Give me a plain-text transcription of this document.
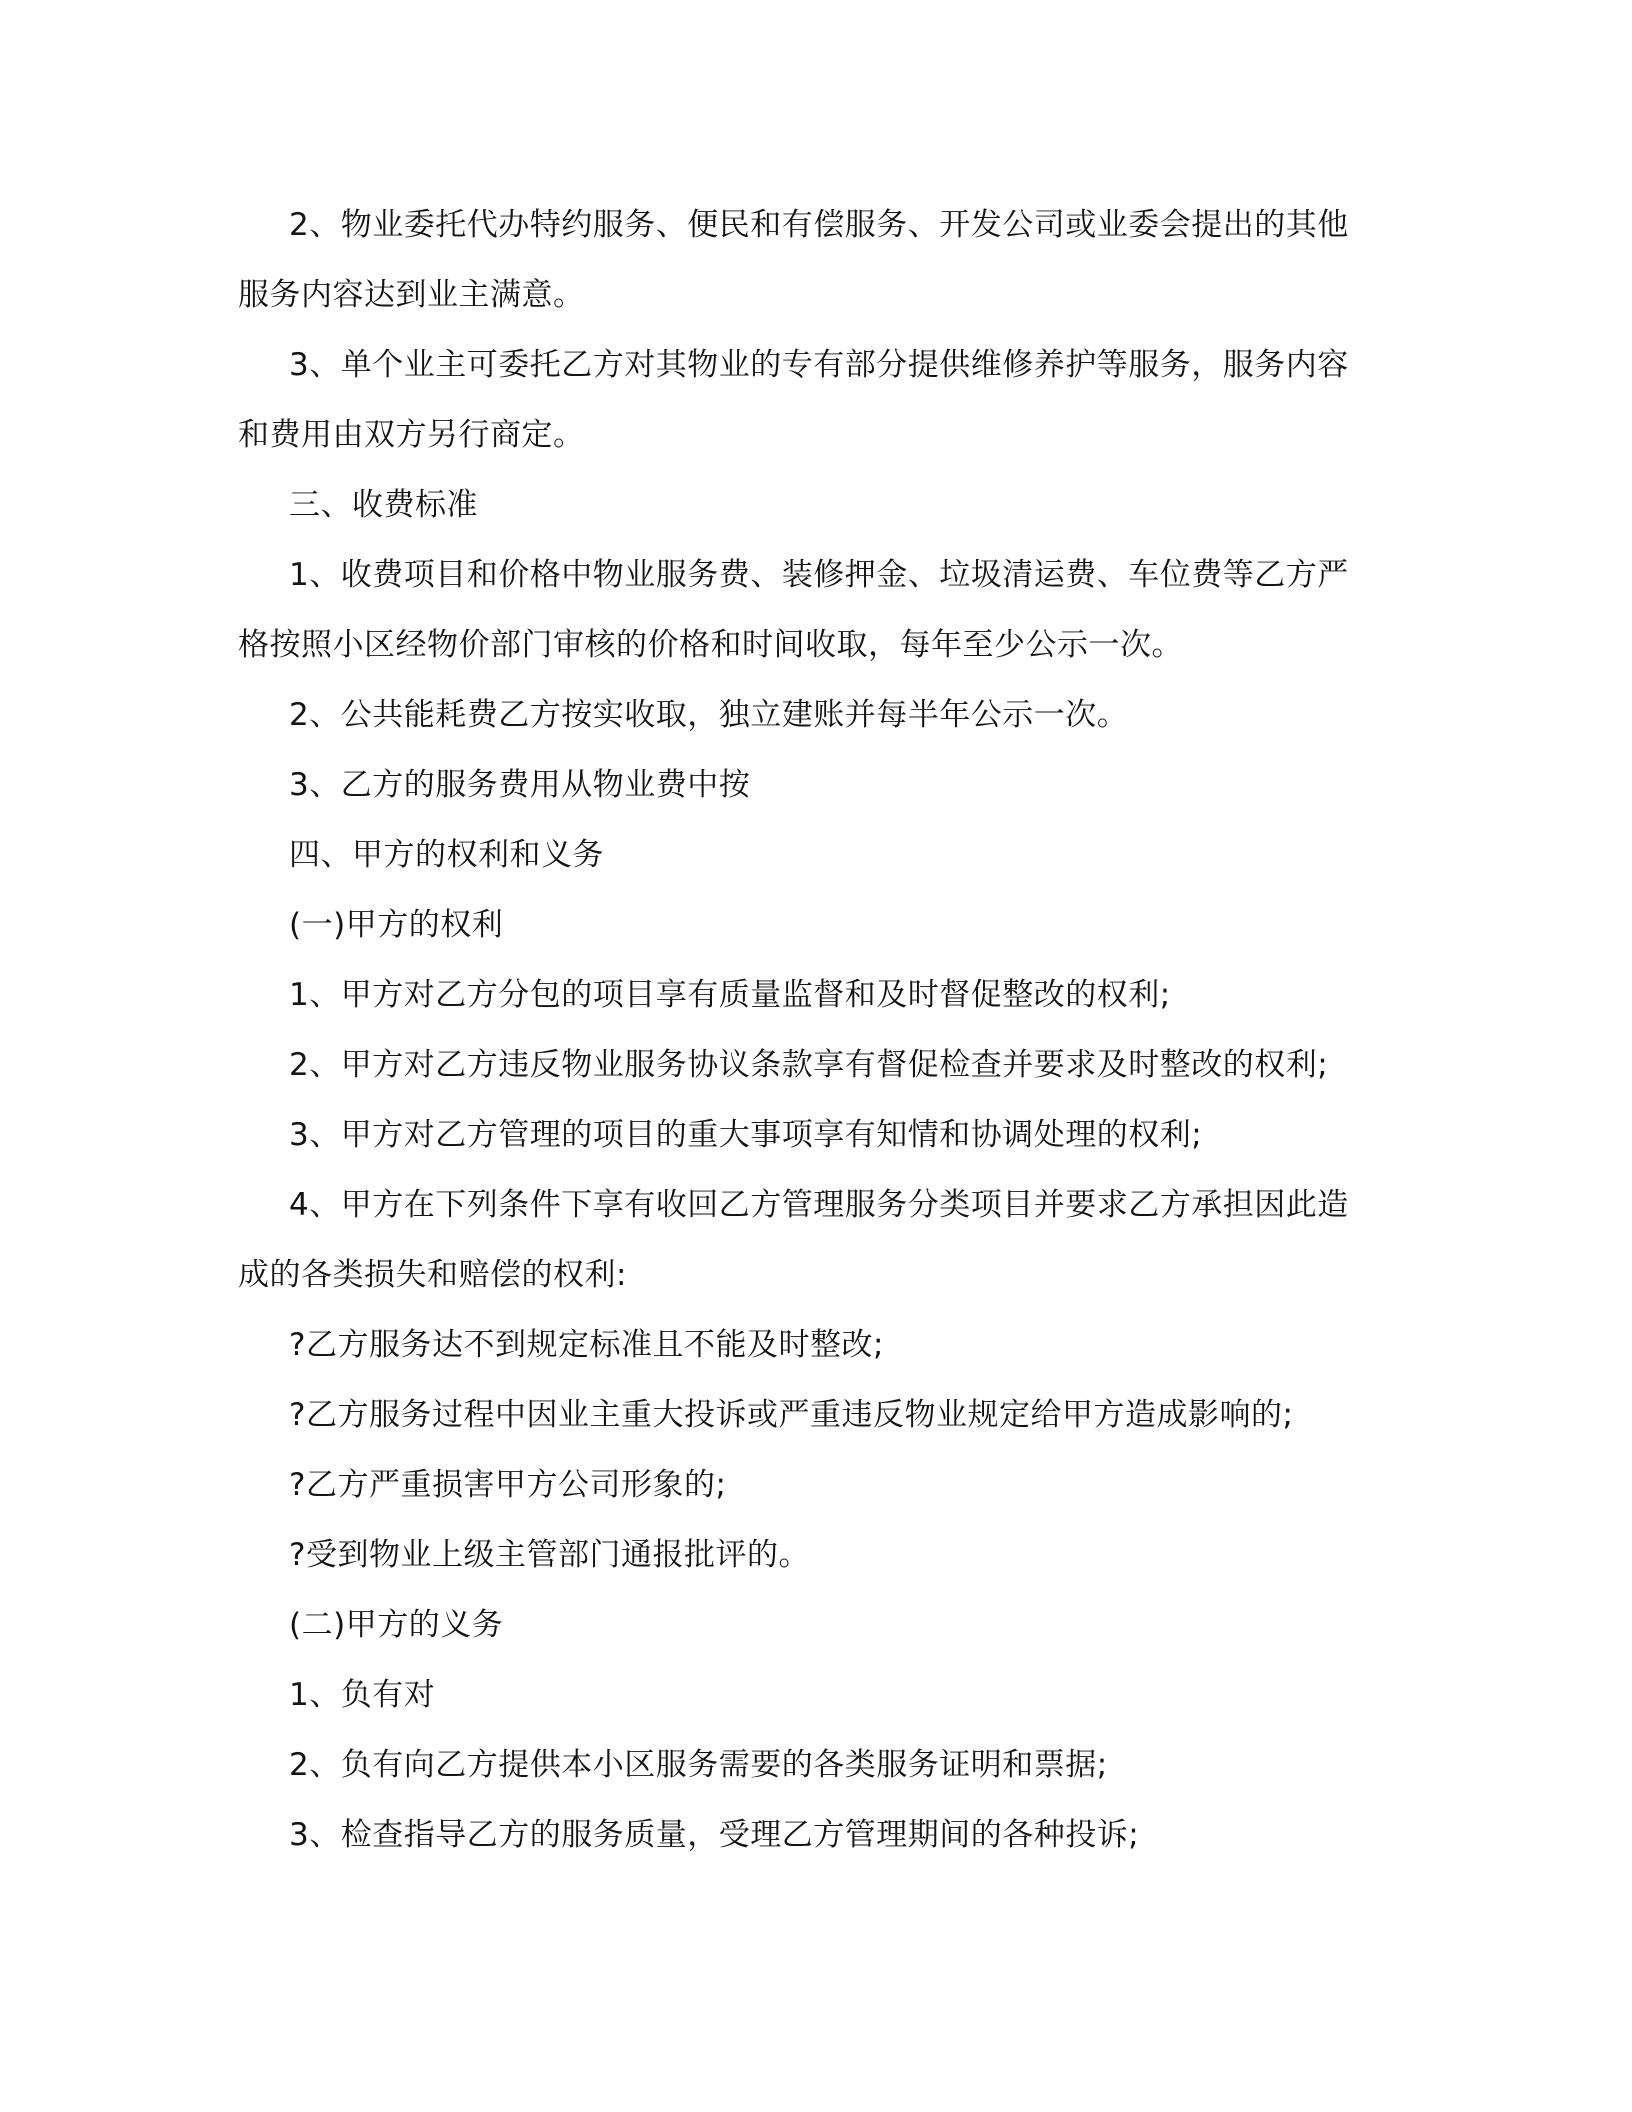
2、物业委托代办特约服务、便民和有偿服务、开发公司或业委会提出的其他
服务内容达到业主满意。
3、单个业主可委托乙方对其物业的专有部分提供维修养护等服务，服务内容
和费用由双方另行商定。
三、收费标准
1、收费项目和价格中物业服务费、装修押金、垃圾清运费、车位费等乙方严
格按照小区经物价部门审核的价格和时间收取，每年至少公示一次。
2、公共能耗费乙方按实收取，独立建账并每半年公示一次。
3、乙方的服务费用从物业费中按
四、甲方的权利和义务
(一)甲方的权利
1、甲方对乙方分包的项目享有质量监督和及时督促整改的权利;
2、甲方对乙方违反物业服务协议条款享有督促检查并要求及时整改的权利;
3、甲方对乙方管理的项目的重大事项享有知情和协调处理的权利;
4、甲方在下列条件下享有收回乙方管理服务分类项目并要求乙方承担因此造
成的各类损失和赔偿的权利:
?乙方服务达不到规定标准且不能及时整改;
?乙方服务过程中因业主重大投诉或严重违反物业规定给甲方造成影响的;
?乙方严重损害甲方公司形象的;
?受到物业上级主管部门通报批评的。
(二)甲方的义务
1、负有对
2、负有向乙方提供本小区服务需要的各类服务证明和票据;
3、检查指导乙方的服务质量，受理乙方管理期间的各种投诉;
